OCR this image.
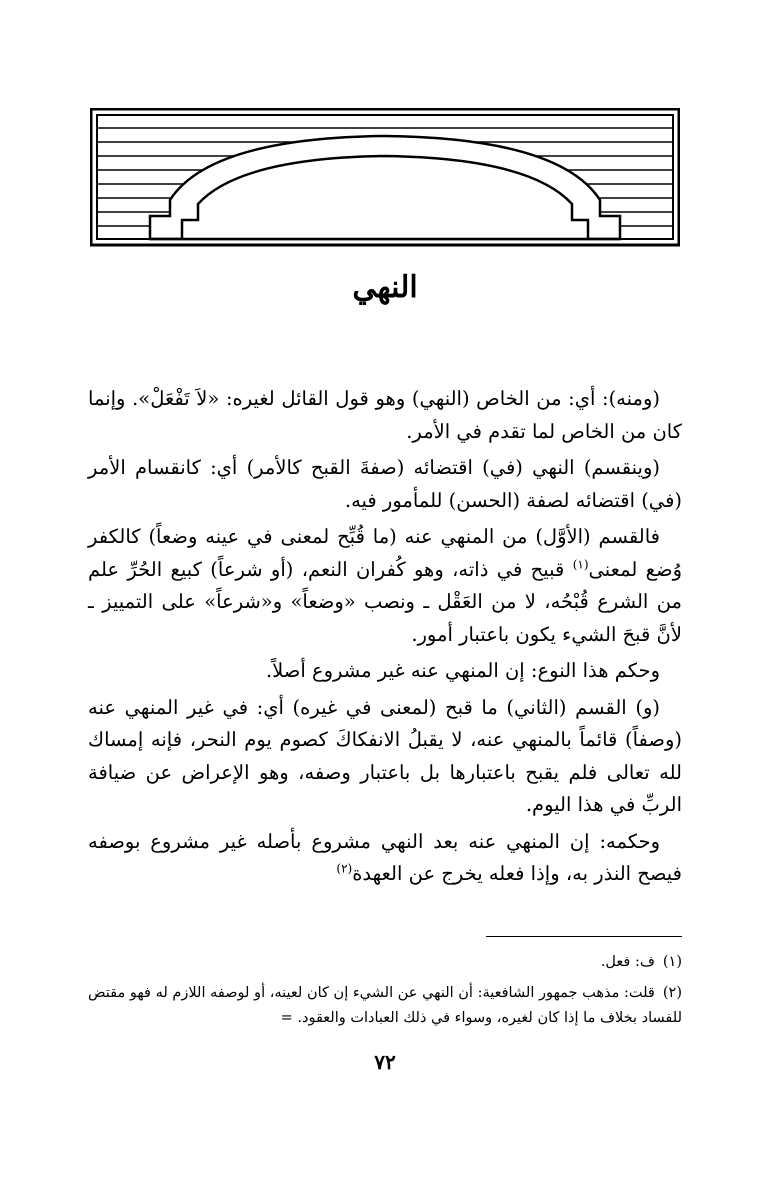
النهي

(ومنه): أي: من الخاص (النهي) وهو قول القائل لغيره: «لاَ تَفْعَلْ». وإنما كان من الخاص لما تقدم في الأمر.

(وينقسم) النهي (في) اقتضائه (صفةَ القبح كالأمر) أي: كانقسام الأمر (في) اقتضائه لصفة (الحسن) للمأمور فيه.

فالقسم (الأوَّل) من المنهي عنه (ما قُبِّح لمعنى في عينه وضعاً) كالكفر وُضع لمعنى$^{(١)}$ قبيح في ذاته، وهو كُفران النعم، (أو شرعاً) كبيع الحُرِّ علم من الشرع قُبْحُه، لا من العَقْل ـ ونصب «وضعاً» و«شرعاً» على التمييز ـ لأنَّ قبحَ الشيء يكون باعتبار أمور.

وحكم هذا النوع: إن المنهي عنه غير مشروع أصلاً.

(و) القسم (الثاني) ما قبح (لمعنى في غيره) أي: في غير المنهي عنه (وصفاً) قائماً بالمنهي عنه، لا يقبلُ الانفكاكَ كصوم يوم النحر، فإنه إمساك لله تعالى فلم يقبح باعتبارها بل باعتبار وصفه، وهو الإعراض عن ضيافة الربِّ في هذا اليوم.

وحكمه: إن المنهي عنه بعد النهي مشروع بأصله غير مشروع بوصفه فيصح النذر به، وإذا فعله يخرج عن العهدة$^{(٢)}$

(١)ف: فعل.

(٢)قلت: مذهب جمهور الشافعية: أن النهي عن الشيء إن كان لعينه، أو لوصفه اللازم له فهو مقتض للفساد بخلاف ما إذا كان لغيره، وسواء في ذلك العبادات والعقود. =

٧٢
